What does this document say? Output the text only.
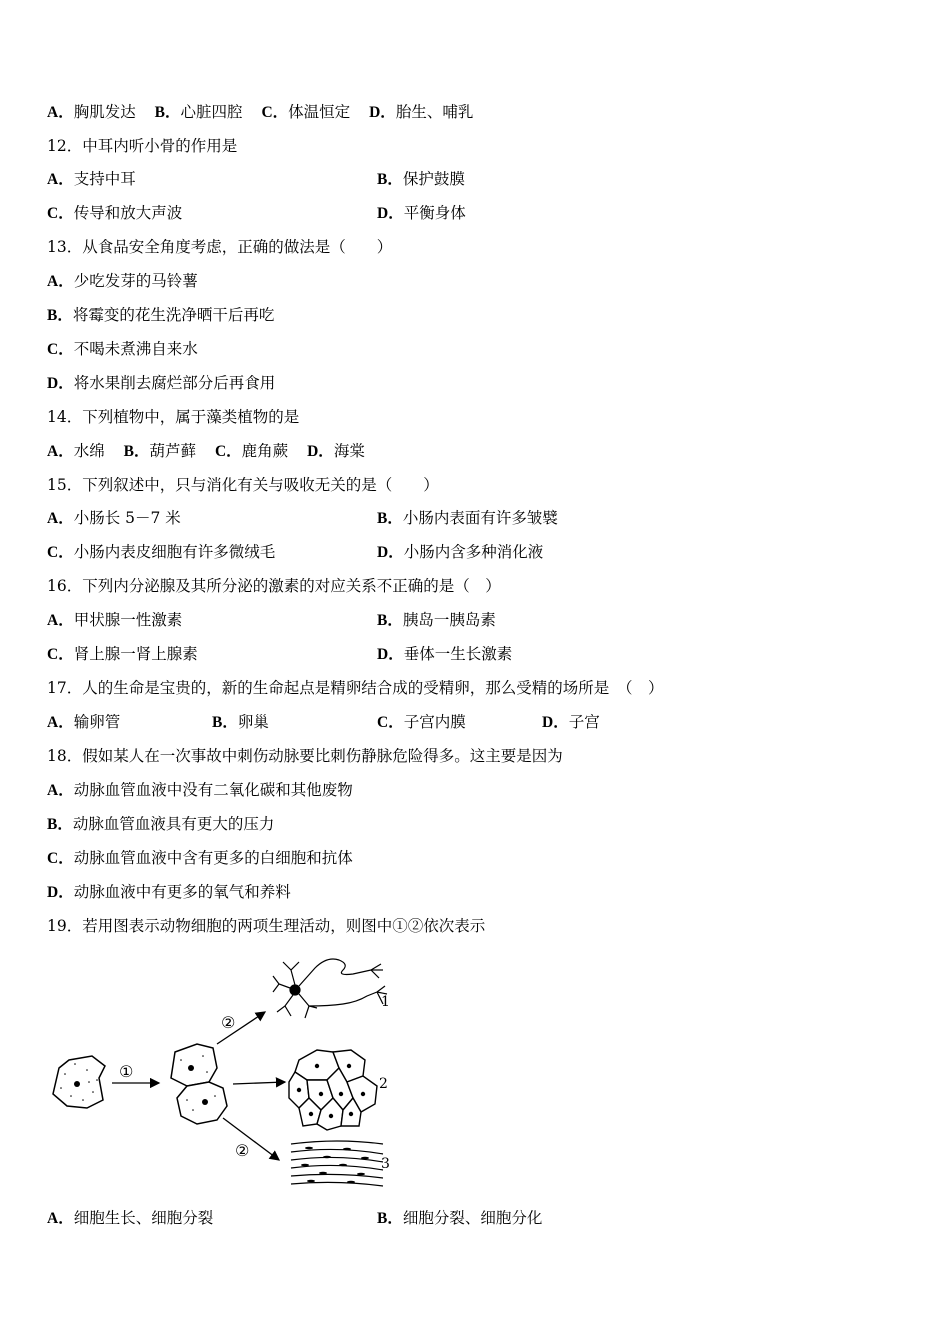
A．胸肌发达 B．心脏四腔 C．体温恒定 D．胎生、哺乳
12．中耳内听小骨的作用是
A．支持中耳	B．保护鼓膜
C．传导和放大声波	D．平衡身体
13．从食品安全角度考虑，正确的做法是（　　）
A．少吃发芽的马铃薯
B．将霉变的花生洗净晒干后再吃
C．不喝未煮沸自来水
D．将水果削去腐烂部分后再食用
14．下列植物中，属于藻类植物的是
A．水绵 B．葫芦藓 C．鹿角蕨 D．海棠
15．下列叙述中，只与消化有关与吸收无关的是（　　）
A．小肠长 5－7 米	B．小肠内表面有许多皱襞
C．小肠内表皮细胞有许多微绒毛	D．小肠内含多种消化液
16．下列内分泌腺及其所分泌的激素的对应关系不正确的是（　）
A．甲状腺一性激素	B．胰岛一胰岛素
C．肾上腺一肾上腺素	D．垂体一生长激素
17．人的生命是宝贵的，新的生命起点是精卵结合成的受精卵，那么受精的场所是　（　）
A．输卵管	B．卵巢	C．子宫内膜	D．子宫
18．假如某人在一次事故中刺伤动脉要比刺伤静脉危险得多。这主要是因为
A．动脉血管血液中没有二氧化碳和其他废物
B．动脉血管血液具有更大的压力
C．动脉血管血液中含有更多的白细胞和抗体
D．动脉血液中有更多的氧气和养料
19．若用图表示动物细胞的两项生理活动，则图中①②依次表示
①
②
②
1
2
3
A．细胞生长、细胞分裂	B．细胞分裂、细胞分化
